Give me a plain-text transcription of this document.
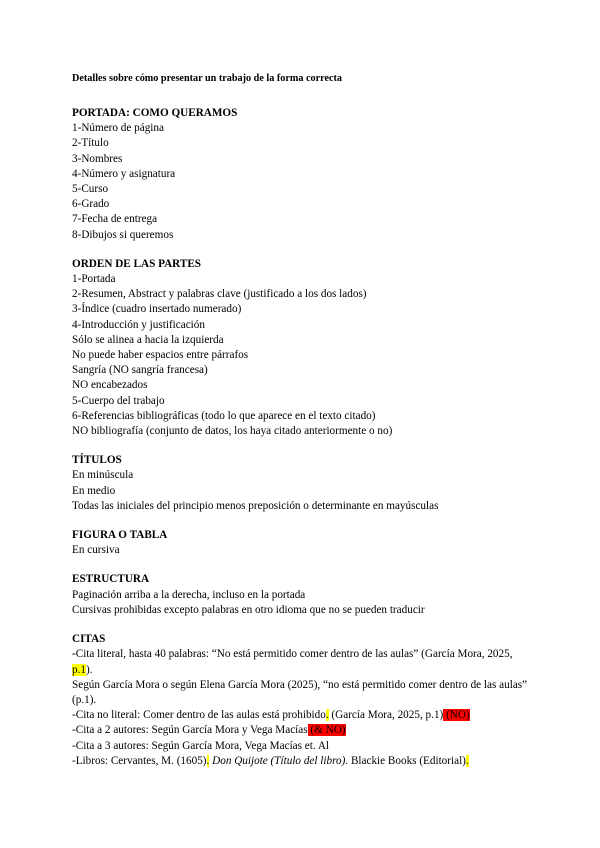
Detalles sobre cómo presentar un trabajo de la forma correcta

PORTADA: COMO QUERAMOS

1-Número de página

2-Título

3-Nombres

4-Número y asignatura

5-Curso

6-Grado

7-Fecha de entrega

8-Dibujos si queremos

ORDEN DE LAS PARTES

1-Portada

2-Resumen, Abstract y palabras clave (justificado a los dos lados)

3-Índice (cuadro insertado numerado)

4-Introducción y justificación

Sólo se alinea a hacia la izquierda

No puede haber espacios entre párrafos

Sangría (NO sangría francesa)

NO encabezados

5-Cuerpo del trabajo

6-Referencias bibliográficas (todo lo que aparece en el texto citado)

NO bibliografía (conjunto de datos, los haya citado anteriormente o no)

TÍTULOS

En minúscula

En medio

Todas las iniciales del principio menos preposición o determinante en mayúsculas

FIGURA O TABLA

En cursiva

ESTRUCTURA

Paginación arriba a la derecha, incluso en la portada

Cursivas prohibidas excepto palabras en otro idioma que no se pueden traducir

CITAS

-Cita literal, hasta 40 palabras: “No está permitido comer dentro de las aulas” (García Mora, 2025, p.1).

Según García Mora o según Elena García Mora (2025), “no está permitido comer dentro de las aulas” (p.1).

-Cita no literal: Comer dentro de las aulas está prohibido. (García Mora, 2025, p.1) (NO)

-Cita a 2 autores: Según García Mora y Vega Macías (& NO)

-Cita a 3 autores: Según García Mora, Vega Macías et. Al

-Libros: Cervantes, M. (1605). Don Quijote (Título del libro). Blackie Books (Editorial).
